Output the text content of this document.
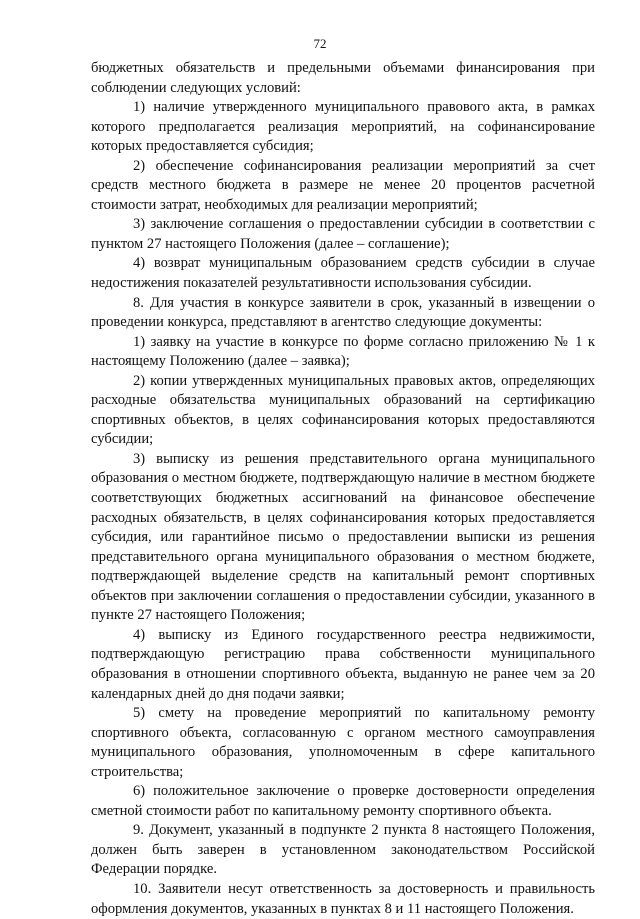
72

бюджетных обязательств и предельными объемами финансирования при соблюдении следующих условий:

1) наличие утвержденного муниципального правового акта, в рамках которого предполагается реализация мероприятий, на софинансирование которых предоставляется субсидия;

2) обеспечение софинансирования реализации мероприятий за счет средств местного бюджета в размере не менее 20 процентов расчетной стоимости затрат, необходимых для реализации мероприятий;

3) заключение соглашения о предоставлении субсидии в соответствии с пунктом 27 настоящего Положения (далее – соглашение);

4) возврат муниципальным образованием средств субсидии в случае недостижения показателей результативности использования субсидии.

8. Для участия в конкурсе заявители в срок, указанный в извещении о проведении конкурса, представляют в агентство следующие документы:

1) заявку на участие в конкурсе по форме согласно приложению № 1 к настоящему Положению (далее – заявка);

2) копии утвержденных муниципальных правовых актов, определяющих расходные обязательства муниципальных образований на сертификацию спортивных объектов, в целях софинансирования которых предоставляются субсидии;

3) выписку из решения представительного органа муниципального образования о местном бюджете, подтверждающую наличие в местном бюджете соответствующих бюджетных ассигнований на финансовое обеспечение расходных обязательств, в целях софинансирования которых предоставляется субсидия, или гарантийное письмо о предоставлении выписки из решения представительного органа муниципального образования о местном бюджете, подтверждающей выделение средств на капитальный ремонт спортивных объектов при заключении соглашения о предоставлении субсидии, указанного в пункте 27 настоящего Положения;

4) выписку из Единого государственного реестра недвижимости, подтверждающую регистрацию права собственности муниципального образования в отношении спортивного объекта, выданную не ранее чем за 20 календарных дней до дня подачи заявки;

5) смету на проведение мероприятий по капитальному ремонту спортивного объекта, согласованную с органом местного самоуправления муниципального образования, уполномоченным в сфере капитального строительства;

6) положительное заключение о проверке достоверности определения сметной стоимости работ по капитальному ремонту спортивного объекта.

9. Документ, указанный в подпункте 2 пункта 8 настоящего Положения, должен быть заверен в установленном законодательством Российской Федерации порядке.

10. Заявители несут ответственность за достоверность и правильность оформления документов, указанных в пунктах 8 и 11 настоящего Положения.
